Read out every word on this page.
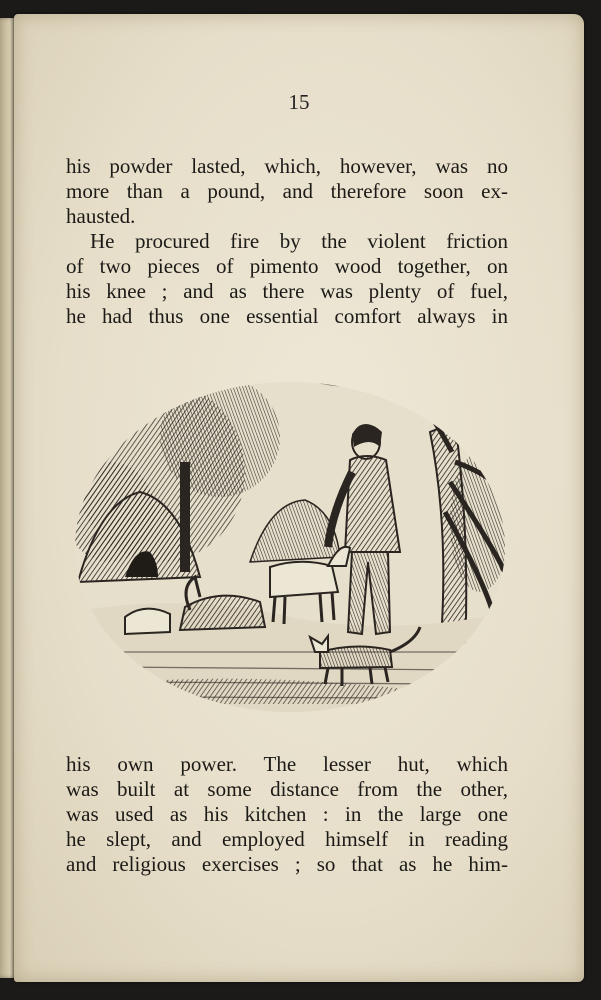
15
his powder lasted, which, however, was no
more than a pound, and therefore soon ex-
hausted.
He procured fire by the violent friction
of two pieces of pimento wood together, on
his knee ; and as there was plenty of fuel,
he had thus one essential comfort always in
his own power. The lesser hut, which
was built at some distance from the other,
was used as his kitchen : in the large one
he slept, and employed himself in reading
and religious exercises ; so that as he him-
